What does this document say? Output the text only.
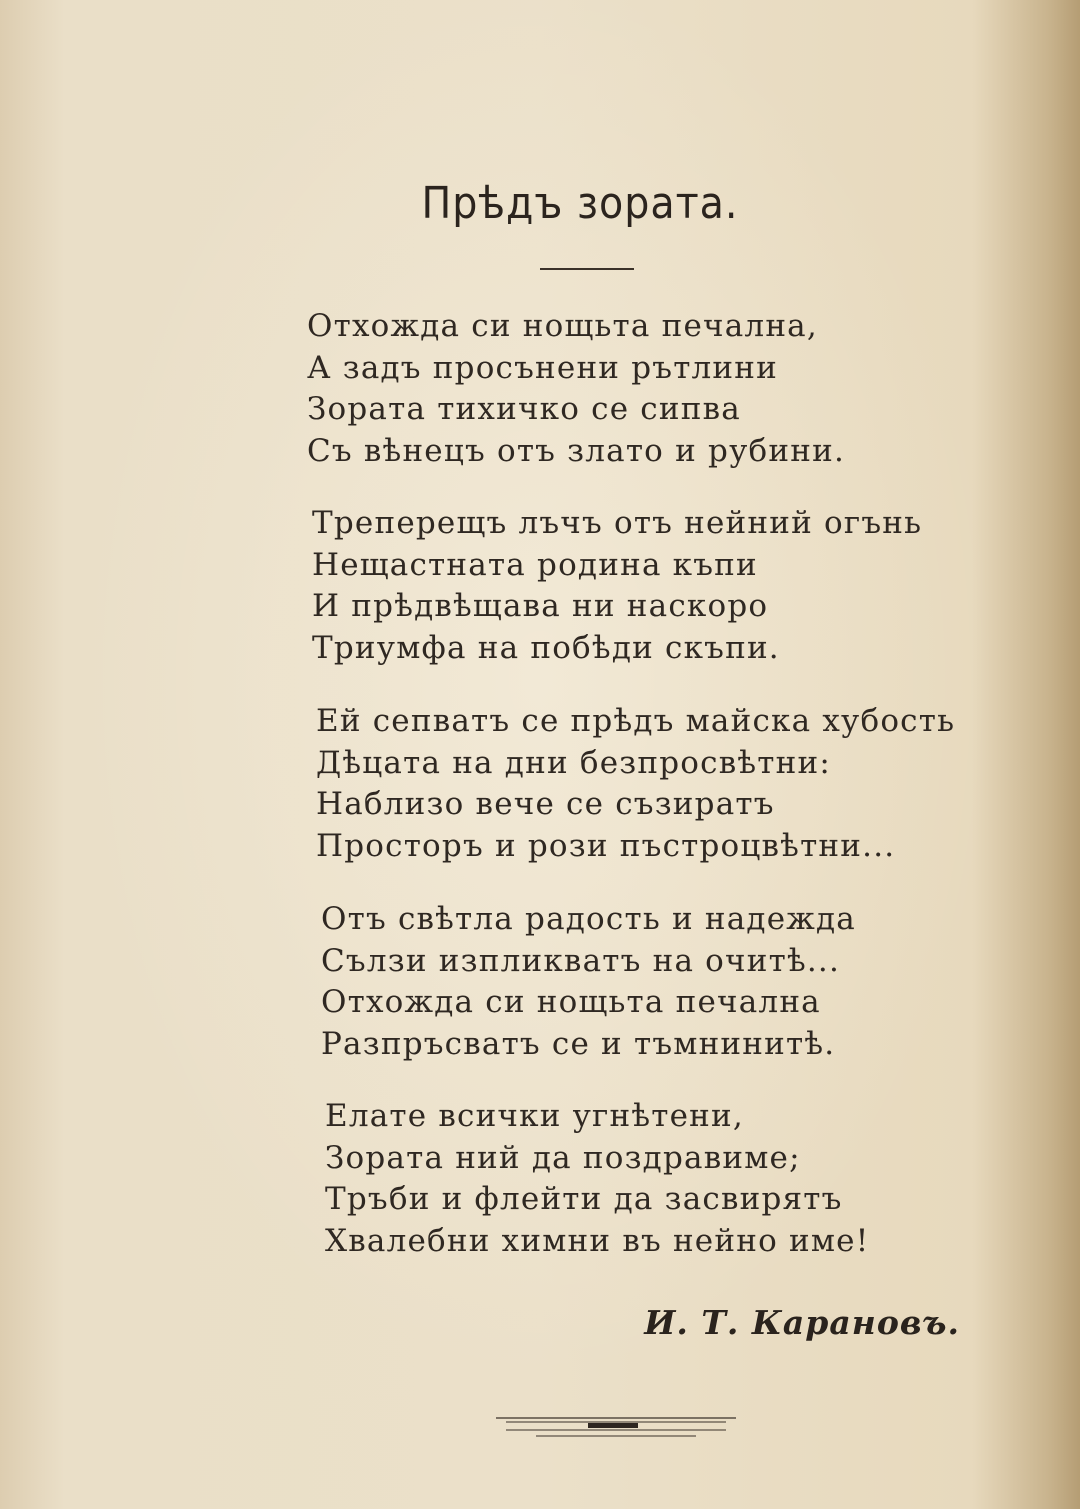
Прѣдъ зората.
Отхожда си нощьта печална,
А задъ просънени рътлини
Зората тихичко се сипва
Съ вѣнецъ отъ злато и рубини.
Треперещъ лъчъ отъ нейний огънь
Нещастната родина къпи
И прѣдвѣщава ни наскоро
Триумфа на побѣди скъпи.
Ей сепватъ се прѣдъ майска хубость
Дѣцата на дни безпросвѣтни:
Наблизо вече се съзиратъ
Просторъ и рози пъстроцвѣтни...
Отъ свѣтла радость и надежда
Сълзи изпликватъ на очитѣ...
Отхожда си нощьта печална
Разпръсватъ се и тъмнинитѣ.
Елате всички угнѣтени,
Зората ний да поздравиме;
Тръби и флейти да засвирятъ
Хвалебни химни въ нейно име!
И. Т. Карановъ.
